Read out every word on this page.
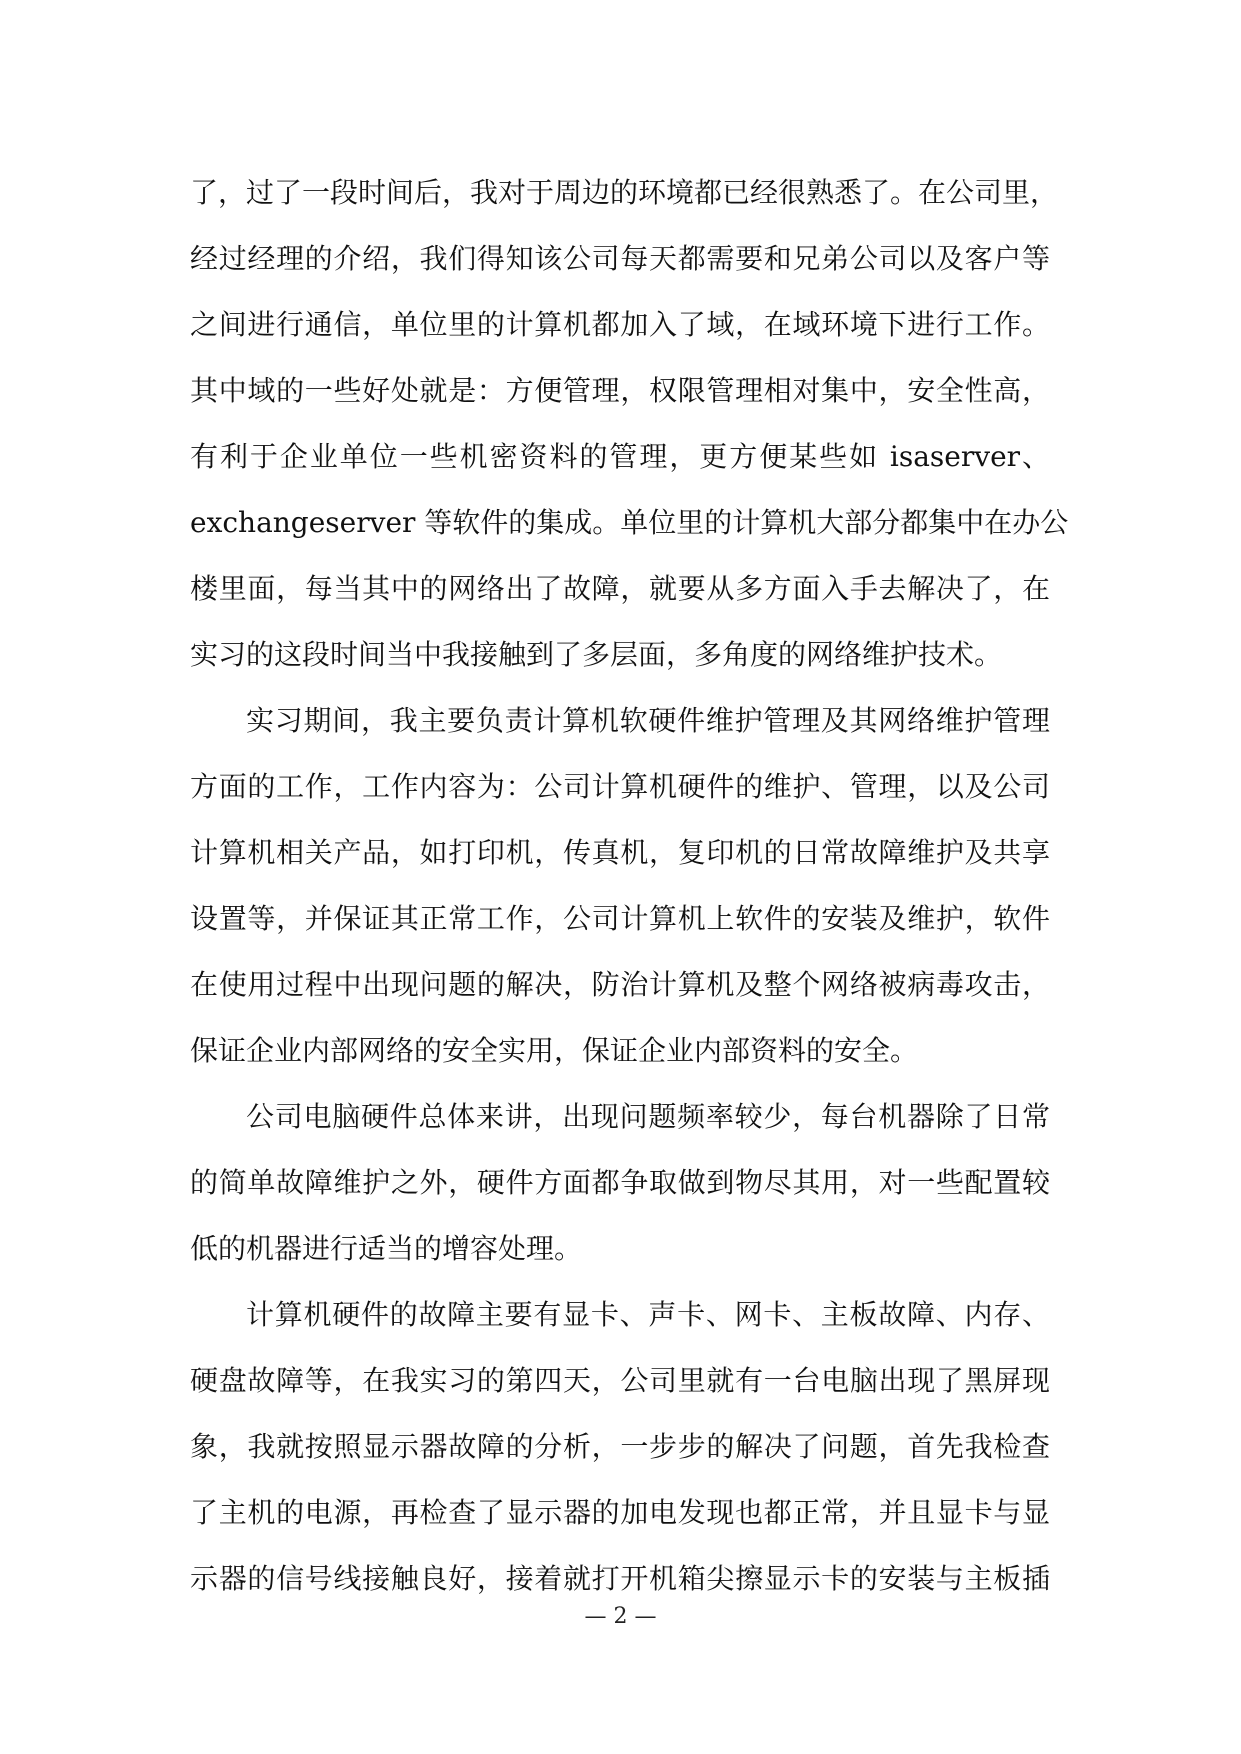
了，过了一段时间后，我对于周边的环境都已经很熟悉了。在公司里，
经过经理的介绍，我们得知该公司每天都需要和兄弟公司以及客户等
之间进行通信，单位里的计算机都加入了域，在域环境下进行工作。
其中域的一些好处就是：方便管理，权限管理相对集中，安全性高，
有利于企业单位一些机密资料的管理，更方便某些如 isaserver、
exchangeserver 等软件的集成。单位里的计算机大部分都集中在办公
楼里面，每当其中的网络出了故障，就要从多方面入手去解决了，在
实习的这段时间当中我接触到了多层面，多角度的网络维护技术。
实习期间，我主要负责计算机软硬件维护管理及其网络维护管理
方面的工作，工作内容为：公司计算机硬件的维护、管理，以及公司
计算机相关产品，如打印机，传真机，复印机的日常故障维护及共享
设置等，并保证其正常工作，公司计算机上软件的安装及维护，软件
在使用过程中出现问题的解决，防治计算机及整个网络被病毒攻击，
保证企业内部网络的安全实用，保证企业内部资料的安全。
公司电脑硬件总体来讲，出现问题频率较少，每台机器除了日常
的简单故障维护之外，硬件方面都争取做到物尽其用，对一些配置较
低的机器进行适当的增容处理。
计算机硬件的故障主要有显卡、声卡、网卡、主板故障、内存、
硬盘故障等，在我实习的第四天，公司里就有一台电脑出现了黑屏现
象，我就按照显示器故障的分析，一步步的解决了问题，首先我检查
了主机的电源，再检查了显示器的加电发现也都正常，并且显卡与显
示器的信号线接触良好，接着就打开机箱尖擦显示卡的安装与主板插
— 2 —
